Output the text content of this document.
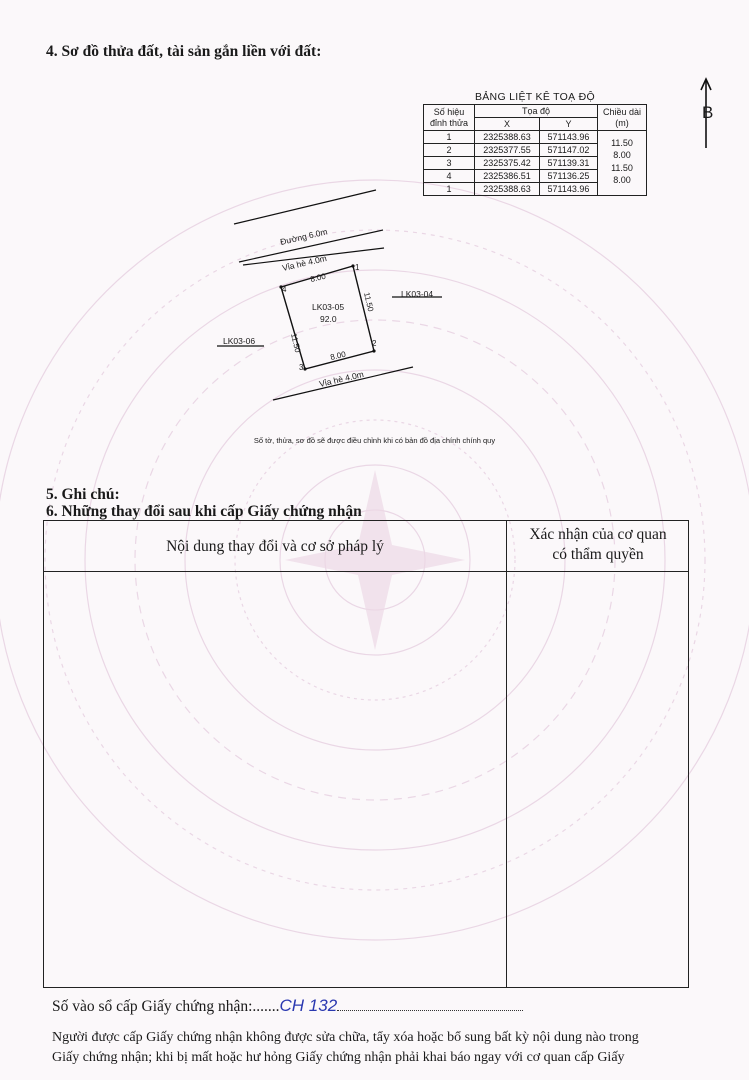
4. Sơ đồ thửa đất, tài sản gắn liền với đất:
BẢNG LIỆT KÊ TOẠ ĐỘ
Số hiệu
đỉnh thửa	Tọa độ		Chiều dài
(m)
	X	Y	
1	2325388.63	571143.96	11.50
8.00
11.50
8.00

2	2325377.55	571147.02	
3	2325375.42	571139.31	
4	2325386.51	571136.25	
1	2325388.63	571143.96	
B
Đường 6.0m
Vỉa hè 4.0m
Vỉa hè 4.0m
8.00
8.00
11.50
11.50
LK03-05
92.0
LK03-04
LK03-06
1
2
3
4
Số tờ, thửa, sơ đồ sẽ được điều chỉnh khi có bản đồ địa chính chính quy
5. Ghi chú:
6. Những thay đổi sau khi cấp Giấy chứng nhận
Nội dung thay đổi và cơ sở pháp lý
Xác nhận của cơ quan
có thẩm quyền
Số vào sổ cấp Giấy chứng nhận:.......CH 132
Người được cấp Giấy chứng nhận không được sửa chữa, tẩy xóa hoặc bổ sung bất kỳ nội dung nào trong
Giấy chứng nhận; khi bị mất hoặc hư hỏng Giấy chứng nhận phải khai báo ngay với cơ quan cấp Giấy
